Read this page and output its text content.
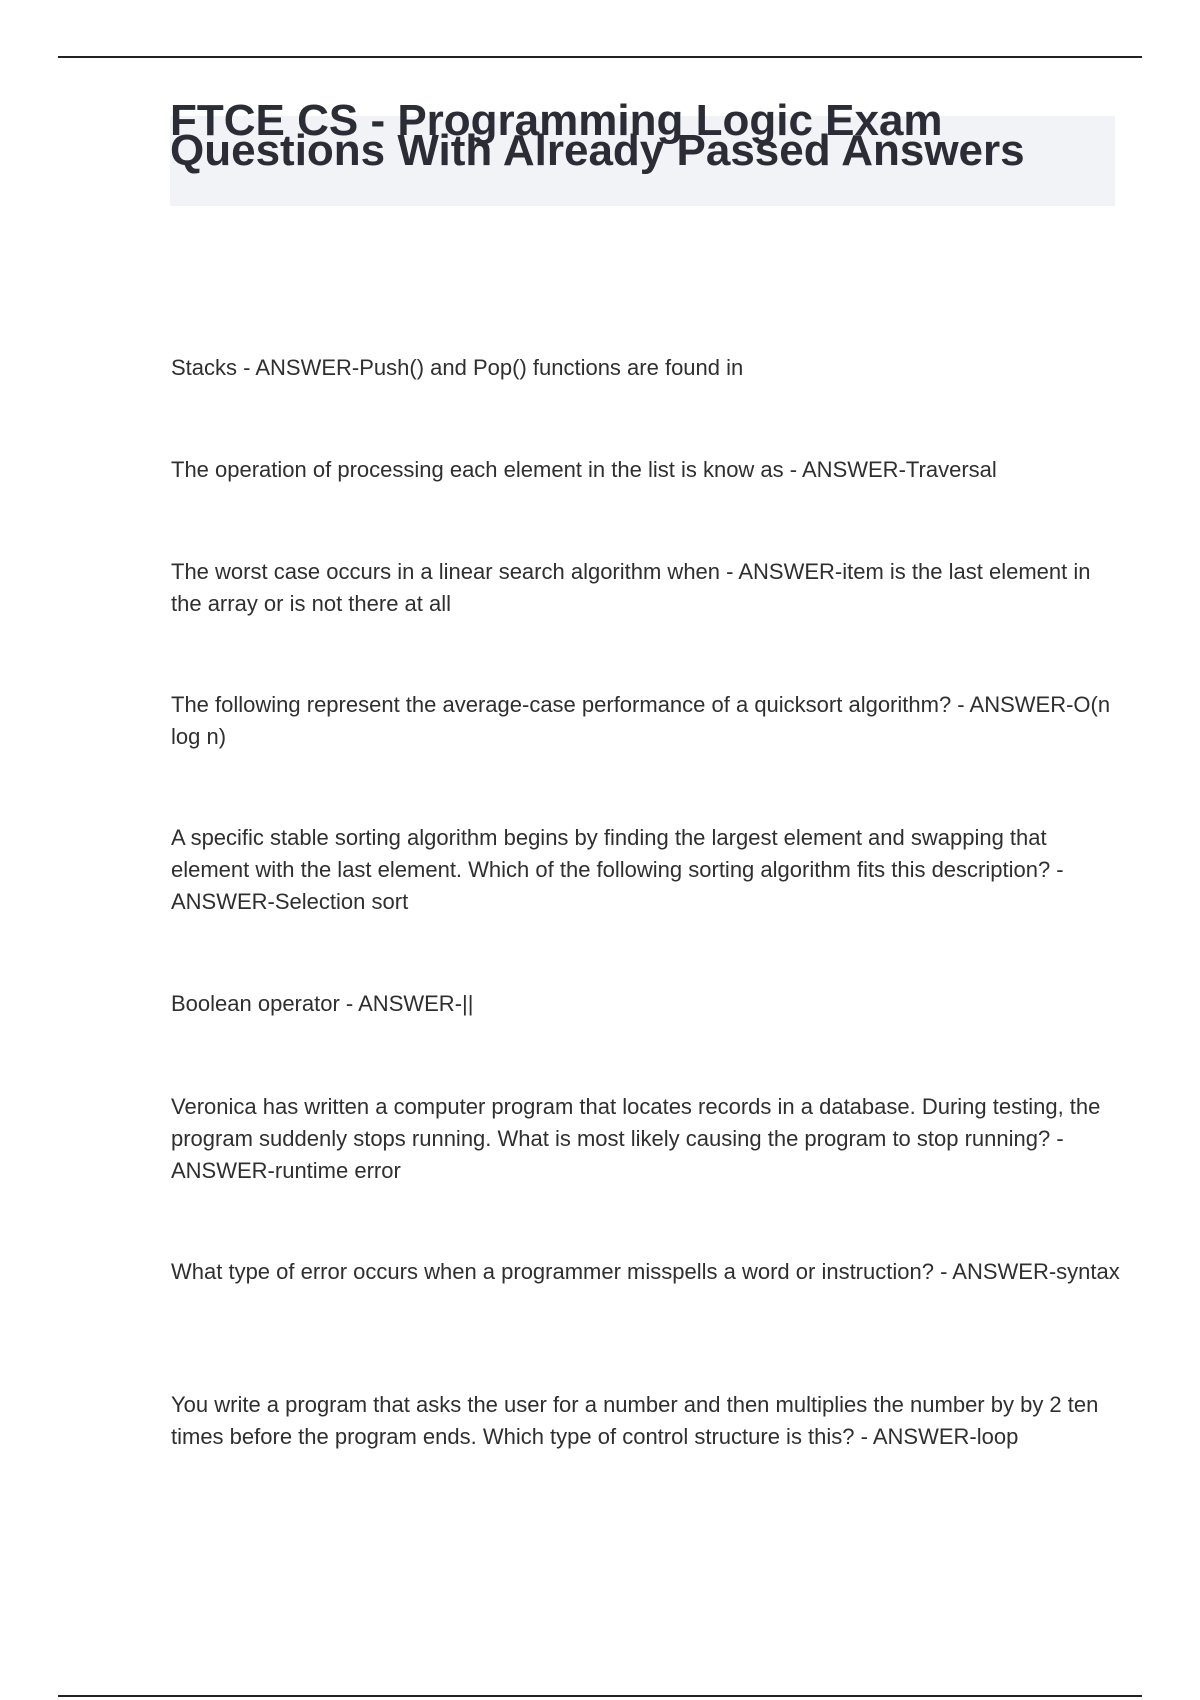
FTCE CS - Programming Logic Exam Questions With Already Passed Answers

Stacks - ANSWER-Push() and Pop() functions are found in

The operation of processing each element in the list is know as - ANSWER-Traversal

The worst case occurs in a linear search algorithm when - ANSWER-item is the last element in the array or is not there at all

The following represent the average-case performance of a quicksort algorithm? - ANSWER-O(n log n)

A specific stable sorting algorithm begins by finding the largest element and swapping that element with the last element. Which of the following sorting algorithm fits this description? - ANSWER-Selection sort

Boolean operator - ANSWER-||

Veronica has written a computer program that locates records in a database. During testing, the program suddenly stops running. What is most likely causing the program to stop running? - ANSWER-runtime error

What type of error occurs when a programmer misspells a word or instruction? - ANSWER-syntax

You write a program that asks the user for a number and then multiplies the number by by 2 ten times before the program ends. Which type of control structure is this? - ANSWER-loop
